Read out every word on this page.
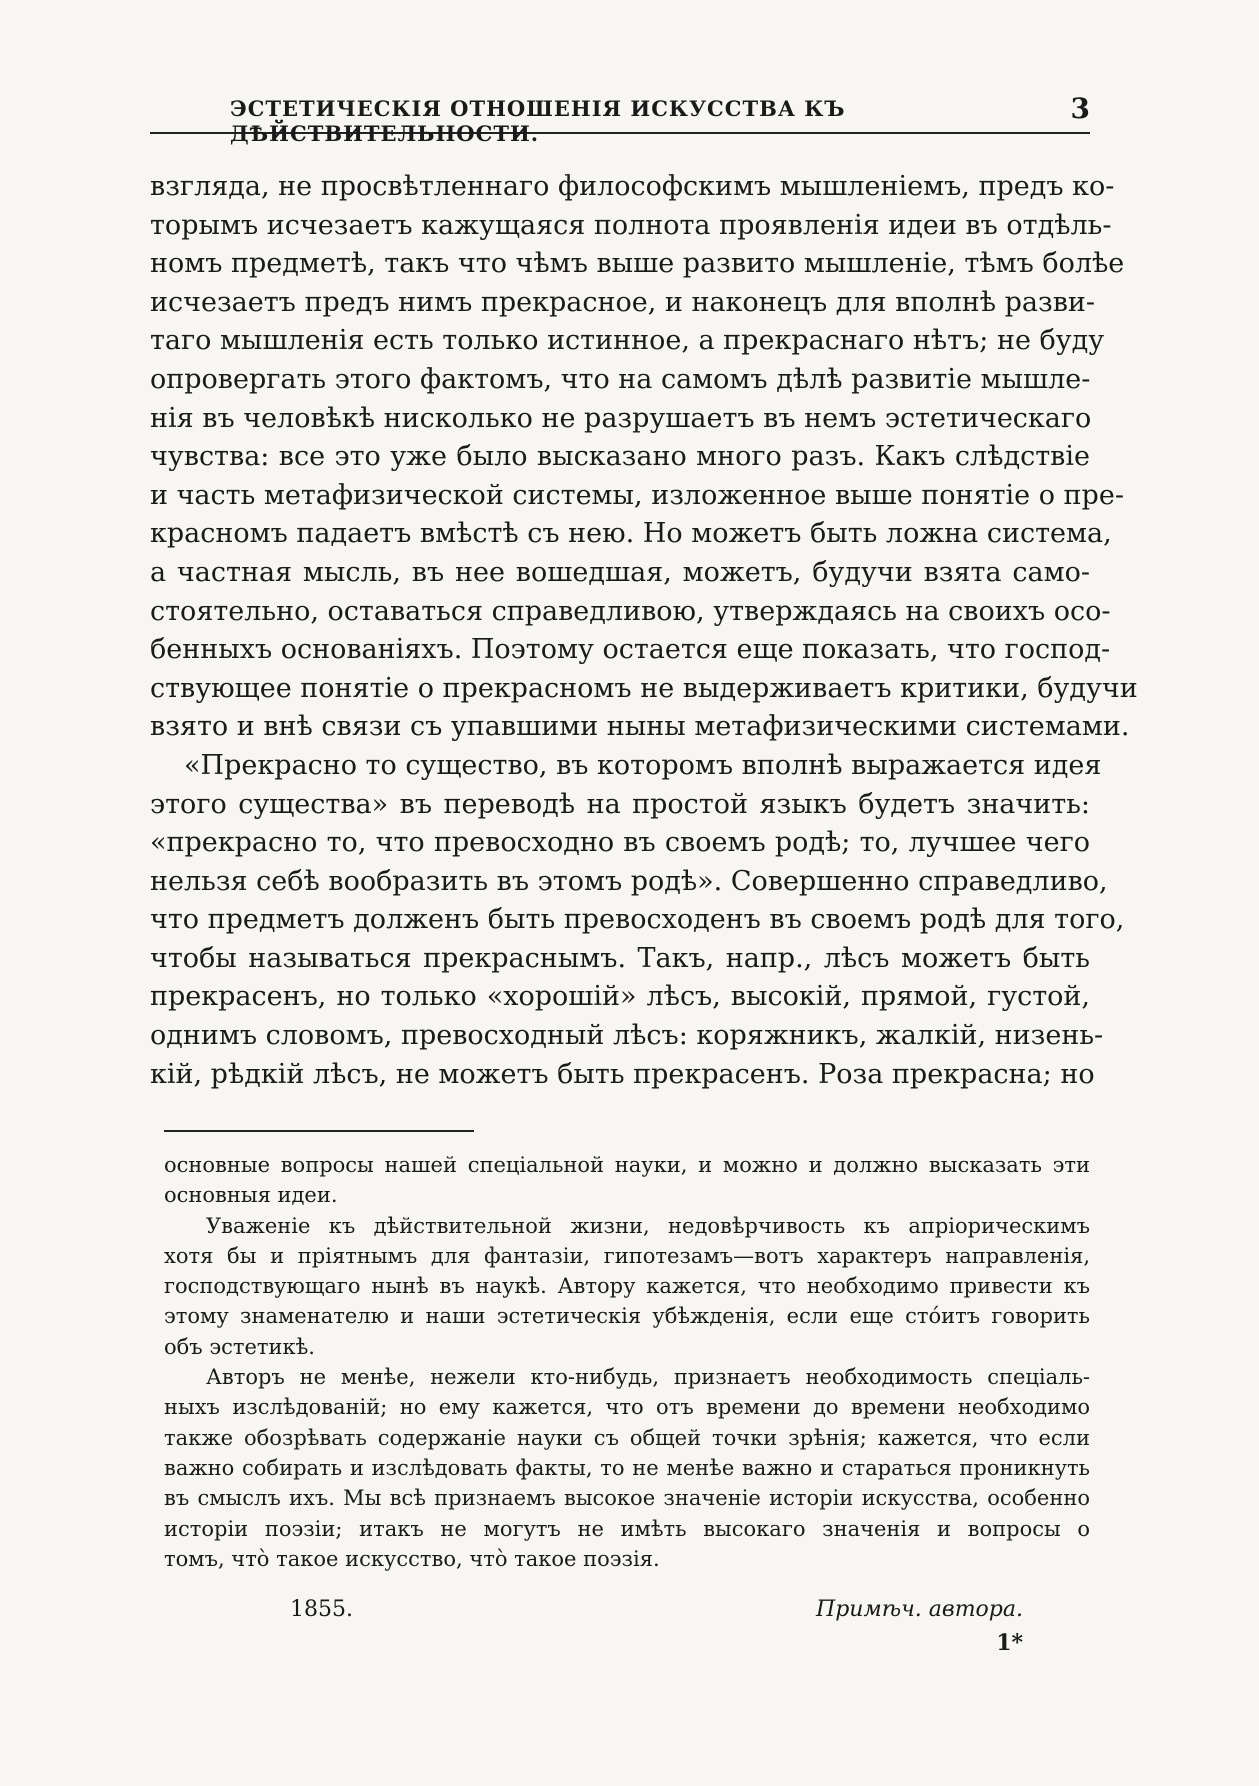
ЭСТЕТИЧЕСКІЯ ОТНОШЕНІЯ ИСКУССТВА КЪ ДѢЙСТВИТЕЛЬНОСТИ.
3
взгляда, не просвѣтленнаго философскимъ мышленіемъ, предъ ко-
торымъ исчезаетъ кажущаяся полнота проявленія идеи въ отдѣль-
номъ предметѣ, такъ что чѣмъ выше развито мышленіе, тѣмъ болѣе
исчезаетъ предъ нимъ прекрасное, и наконецъ для вполнѣ разви-
таго мышленія есть только истинное, а прекраснаго нѣтъ; не буду
опровергать этого фактомъ, что на самомъ дѣлѣ развитіе мышле-
нія въ человѣкѣ нисколько не разрушаетъ въ немъ эстетическаго
чувства: все это уже было высказано много разъ. Какъ слѣдствіе
и часть метафизической системы, изложенное выше понятіе о пре-
красномъ падаетъ вмѣстѣ съ нею. Но можетъ быть ложна система,
а частная мысль, въ нее вошедшая, можетъ, будучи взята само-
стоятельно, оставаться справедливою, утверждаясь на своихъ осо-
бенныхъ основаніяхъ. Поэтому остается еще показать, что господ-
ствующее понятіе о прекрасномъ не выдерживаетъ критики, будучи
взято и внѣ связи съ упавшими ныны метафизическими системами.
«Прекрасно то существо, въ которомъ вполнѣ выражается идея
этого существа» въ переводѣ на простой языкъ будетъ значить:
«прекрасно то, что превосходно въ своемъ родѣ; то, лучшее чего
нельзя себѣ вообразить въ этомъ родѣ». Совершенно справедливо,
что предметъ долженъ быть превосходенъ въ своемъ родѣ для того,
чтобы называться прекраснымъ. Такъ, напр., лѣсъ можетъ быть
прекрасенъ, но только «хорошій» лѣсъ, высокій, прямой, густой,
однимъ словомъ, превосходный лѣсъ: коряжникъ, жалкій, низень-
кій, рѣдкій лѣсъ, не можетъ быть прекрасенъ. Роза прекрасна; но
основные вопросы нашей спеціальной науки, и можно и должно высказать эти
основныя идеи.
Уваженіе къ дѣйствительной жизни, недовѣрчивость къ апріорическимъ
хотя бы и пріятнымъ для фантазіи, гипотезамъ—вотъ характеръ направленія,
господствующаго нынѣ въ наукѣ. Автору кажется, что необходимо привести къ
этому знаменателю и наши эстетическія убѣжденія, если еще стóитъ говорить
объ эстетикѣ.
Авторъ не менѣе, нежели кто-нибудь, признаетъ необходимость спеціаль-
ныхъ изслѣдованій; но ему кажется, что отъ времени до времени необходимо
также обозрѣвать содержаніе науки съ общей точки зрѣнія; кажется, что если
важно собирать и изслѣдовать факты, то не менѣе важно и стараться проникнуть
въ смыслъ ихъ. Мы всѣ признаемъ высокое значеніе исторіи искусства, особенно
исторіи поэзіи; итакъ не могутъ не имѣть высокаго значенія и вопросы о
томъ, что̀ такое искусство, что̀ такое поэзія.
1855.	Примѣч. автора.
1*
